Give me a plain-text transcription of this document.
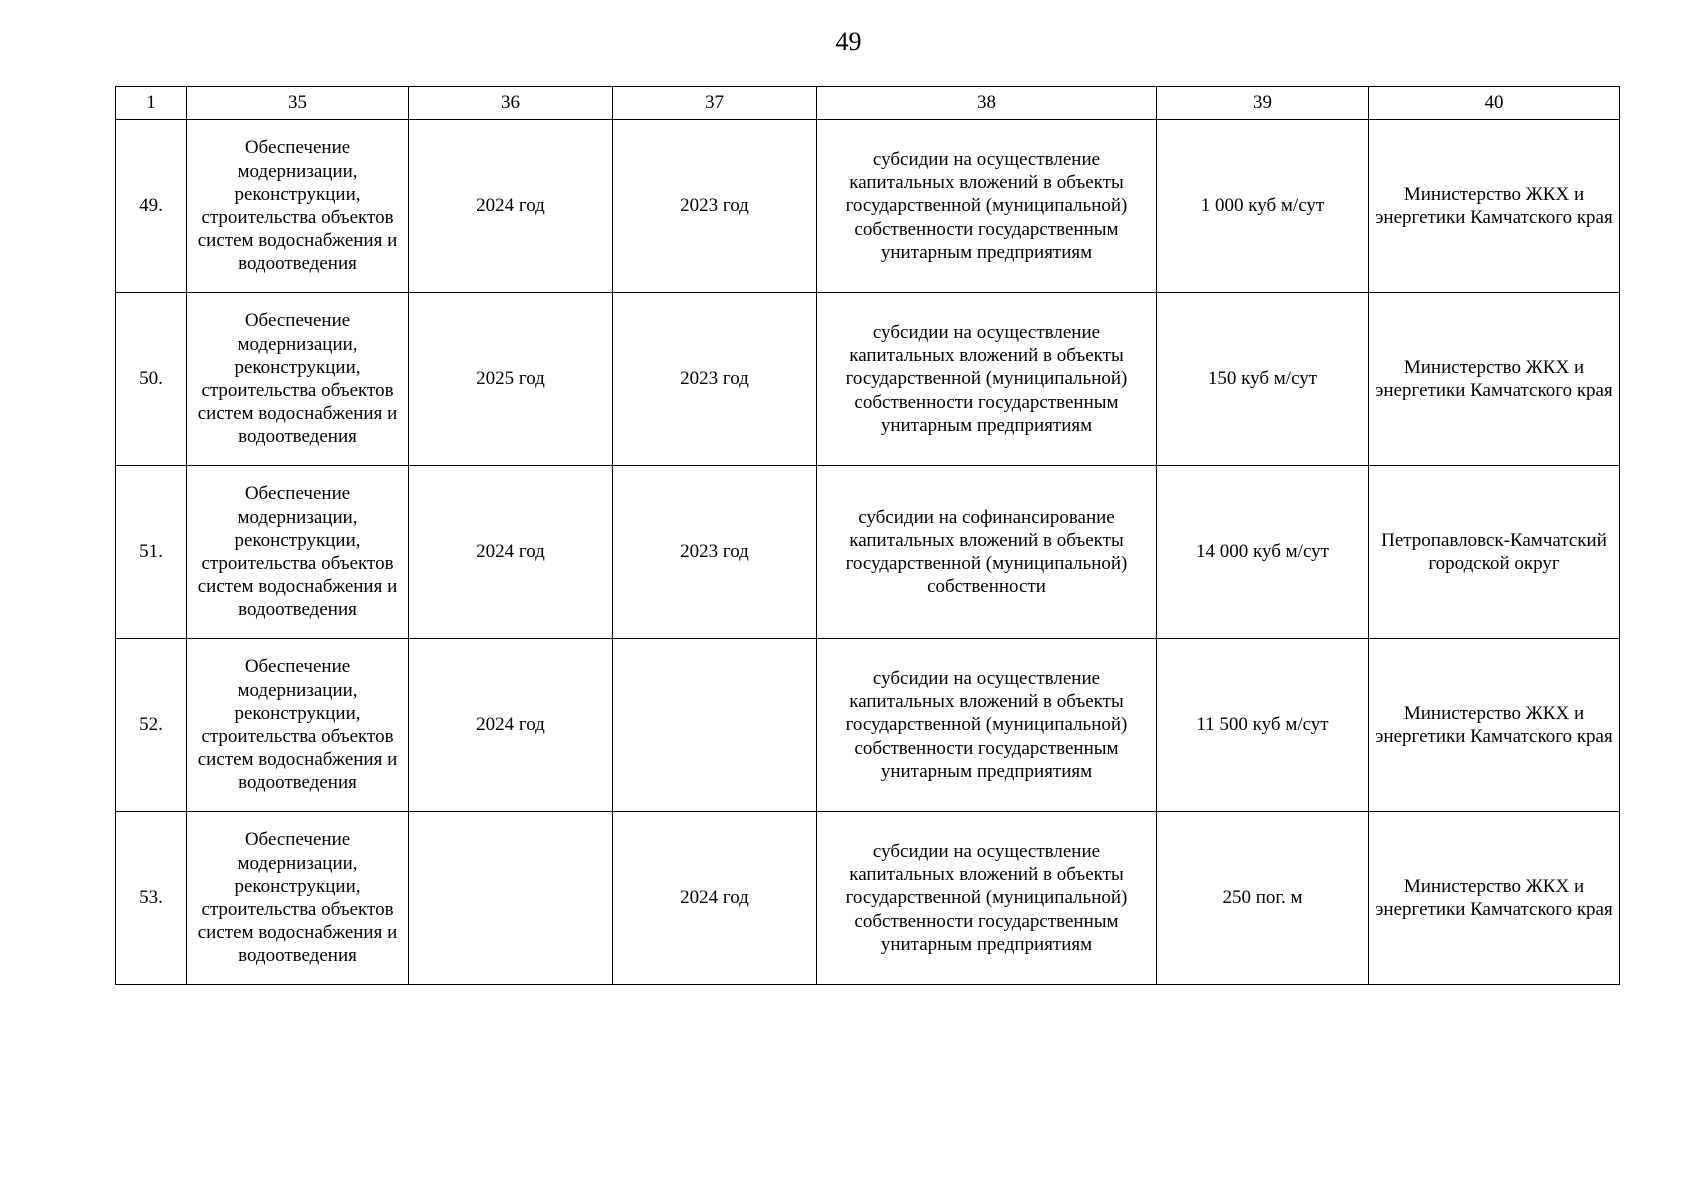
49
1	35	36	37	38	39	40
49.	Обеспечение модернизации, реконструкции, строительства объектов систем водоснабжения и водоотведения	2024 год	2023 год	субсидии на осуществление капитальных вложений в объекты государственной (муниципальной) собственности государственным унитарным предприятиям	1 000 куб м/сут	Министерство ЖКХ и энергетики Камчатского края
50.	Обеспечение модернизации, реконструкции, строительства объектов систем водоснабжения и водоотведения	2025 год	2023 год	субсидии на осуществление капитальных вложений в объекты государственной (муниципальной) собственности государственным унитарным предприятиям	150 куб м/сут	Министерство ЖКХ и энергетики Камчатского края
51.	Обеспечение модернизации, реконструкции, строительства объектов систем водоснабжения и водоотведения	2024 год	2023 год	субсидии на софинансирование капитальных вложений в объекты государственной (муниципальной) собственности	14 000 куб м/сут	Петропавловск-Камчатский городской округ
52.	Обеспечение модернизации, реконструкции, строительства объектов систем водоснабжения и водоотведения	2024 год		субсидии на осуществление капитальных вложений в объекты государственной (муниципальной) собственности государственным унитарным предприятиям	11 500 куб м/сут	Министерство ЖКХ и энергетики Камчатского края
53.	Обеспечение модернизации, реконструкции, строительства объектов систем водоснабжения и водоотведения		2024 год	субсидии на осуществление капитальных вложений в объекты государственной (муниципальной) собственности государственным унитарным предприятиям	250 пог. м	Министерство ЖКХ и энергетики Камчатского края
